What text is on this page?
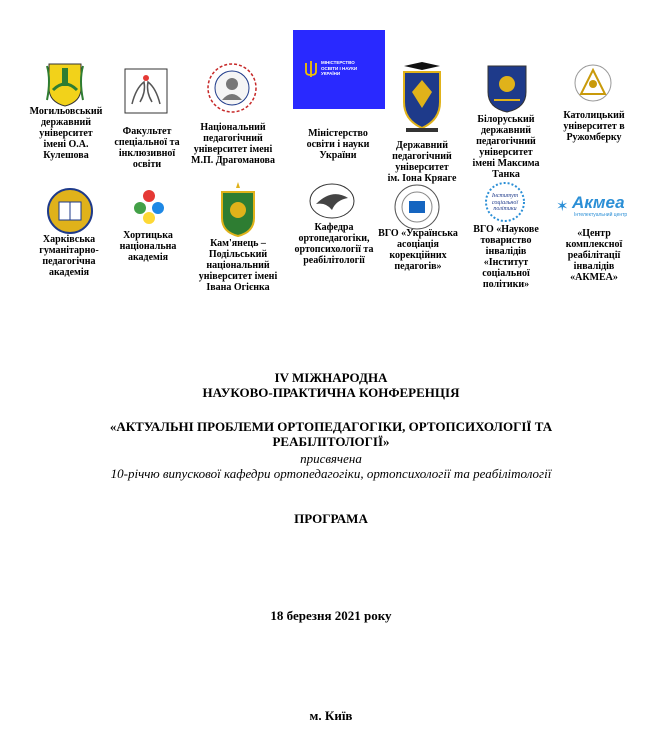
МІНІСТЕРСТВО
ОСВІТИ І НАУКИ
УКРАЇНИ
Могильовський
державний
університет
імені О.А.
Кулешова
Факультет
спеціальної та
інклюзивної
освіти
Національний
педагогічний
університет імені
М.П. Драгоманова
Міністерство
освіти і науки
України
Державний
педагогічний
університет
ім. Іона Кряаге
Білоруський
державний
педагогічний
університет
імені Максима
Танка
Католицький
університет в
Ружомберку
Інститут
соціальної
політики	✶ Акмеа
Інтелектуальний центр
Харківська
гуманітарно-
педагогічна
академія
Хортицька
національна
академія
Кам'янець –
Подільський
національний
університет імені
Івана Огієнка
Кафедра
ортопедагогіки,
ортопсихології та
реабілітології
ВГО «Українська
асоціація
корекційних
педагогів»
ВГО «Наукове
товариство
інвалідів
«Інститут
соціальної
політики»
«Центр
комплексної
реабілітації
інвалідів
«АКМЕА»
IV МІЖНАРОДНА
НАУКОВО-ПРАКТИЧНА КОНФЕРЕНЦІЯ
«АКТУАЛЬНІ ПРОБЛЕМИ ОРТОПЕДАГОГІКИ, ОРТОПСИХОЛОГІЇ ТА
РЕАБІЛІТОЛОГІЇ»
присвячена
10-річчю випускової кафедри ортопедагогіки, ортопсихології та реабілітології
ПРОГРАМА
18 березня 2021 року
м. Київ
